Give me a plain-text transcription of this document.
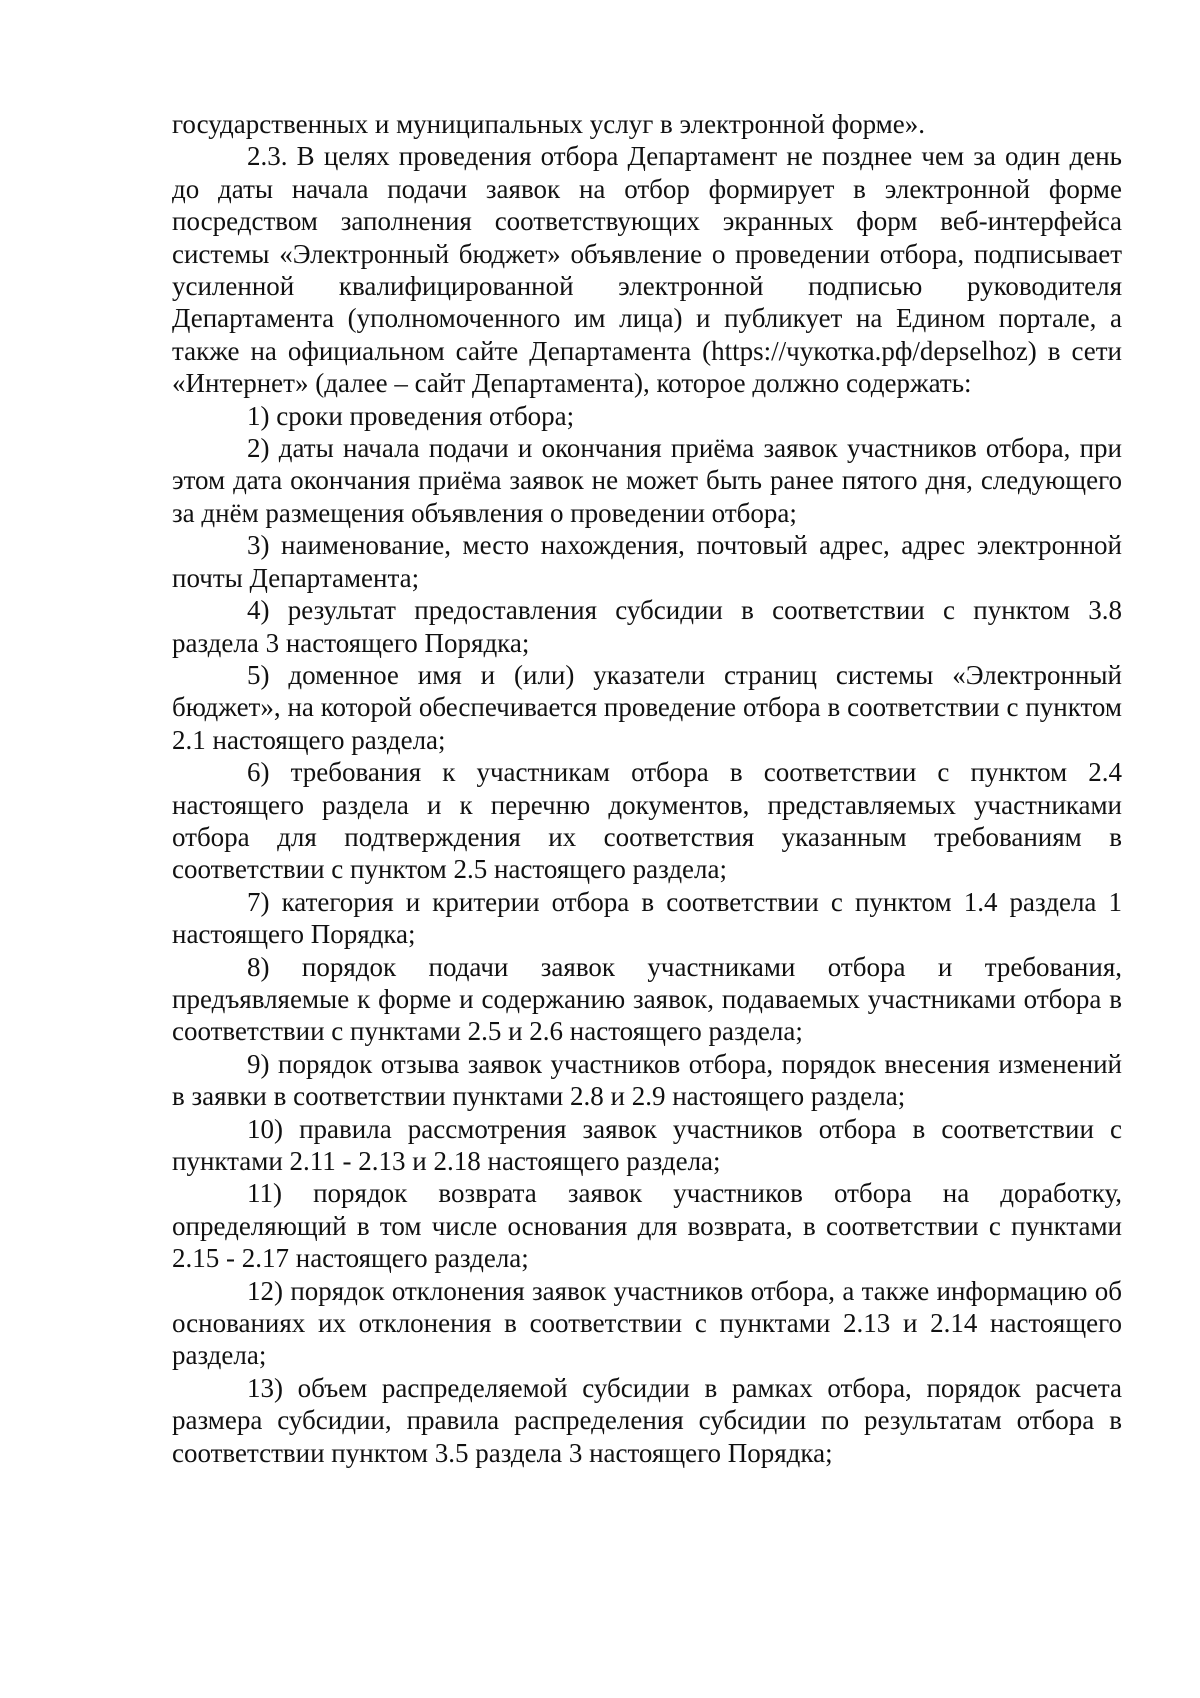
государственных и муниципальных услуг в электронной форме».

2.3. В целях проведения отбора Департамент не позднее чем за один день до даты начала подачи заявок на отбор формирует в электронной форме посредством заполнения соответствующих экранных форм веб-интерфейса системы «Электронный бюджет» объявление о проведении отбора, подписывает усиленной квалифицированной электронной подписью руководителя Департамента (уполномоченного им лица) и публикует на Едином портале, а также на официальном сайте Департамента (https://чукотка.рф/depselhoz) в сети «Интернет» (далее – сайт Департамента), которое должно содержать:

1) сроки проведения отбора;

2) даты начала подачи и окончания приёма заявок участников отбора, при этом дата окончания приёма заявок не может быть ранее пятого дня, следующего за днём размещения объявления о проведении отбора;

3) наименование, место нахождения, почтовый адрес, адрес электронной почты Департамента;

4) результат предоставления субсидии в соответствии с пунктом 3.8 раздела 3 настоящего Порядка;

5) доменное имя и (или) указатели страниц системы «Электронный бюджет», на которой обеспечивается проведение отбора в соответствии с пунктом 2.1 настоящего раздела;

6) требования к участникам отбора в соответствии с пунктом 2.4 настоящего раздела и к перечню документов, представляемых участниками отбора для подтверждения их соответствия указанным требованиям в соответствии с пунктом 2.5 настоящего раздела;

7) категория и критерии отбора в соответствии с пунктом 1.4 раздела 1 настоящего Порядка;

8) порядок подачи заявок участниками отбора и требования, предъявляемые к форме и содержанию заявок, подаваемых участниками отбора в соответствии с пунктами 2.5 и 2.6 настоящего раздела;

9) порядок отзыва заявок участников отбора, порядок внесения изменений в заявки в соответствии пунктами 2.8 и 2.9 настоящего раздела;

10) правила рассмотрения заявок участников отбора в соответствии с пунктами 2.11 - 2.13 и 2.18 настоящего раздела;

11) порядок возврата заявок участников отбора на доработку, определяющий в том числе основания для возврата, в соответствии с пунктами 2.15 - 2.17 настоящего раздела;

12) порядок отклонения заявок участников отбора, а также информацию об основаниях их отклонения в соответствии с пунктами 2.13 и 2.14 настоящего раздела;

13) объем распределяемой субсидии в рамках отбора, порядок расчета размера субсидии, правила распределения субсидии по результатам отбора в соответствии пунктом 3.5 раздела 3 настоящего Порядка;
